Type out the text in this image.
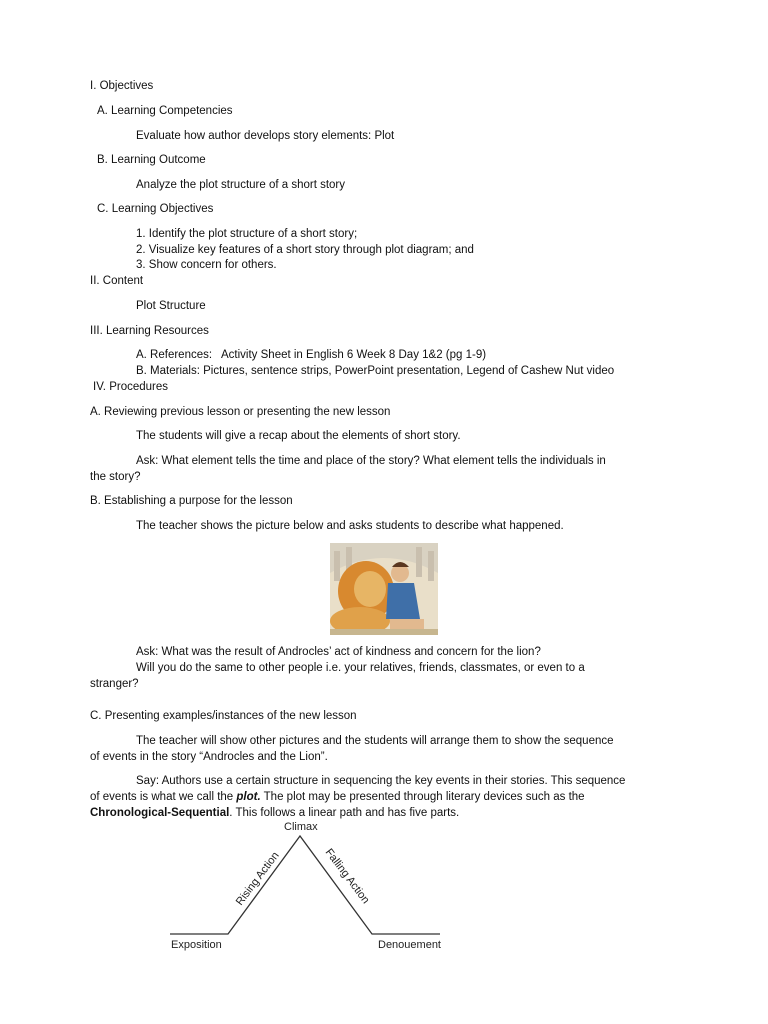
I. Objectives
A. Learning Competencies
Evaluate how author develops story elements: Plot
B. Learning Outcome
Analyze the plot structure of a short story
C. Learning Objectives
1. Identify the plot structure of a short story;
2. Visualize key features of a short story through plot diagram; and
3. Show concern for others.
II. Content
Plot Structure
III. Learning Resources
A. References:   Activity Sheet in English 6 Week 8 Day 1&2 (pg 1-9)
B. Materials: Pictures, sentence strips, PowerPoint presentation, Legend of Cashew Nut video
IV. Procedures
A. Reviewing previous lesson or presenting the new lesson
The students will give a recap about the elements of short story.
Ask: What element tells the time and place of the story? What element tells the individuals in
the story?
B. Establishing a purpose for the lesson
The teacher shows the picture below and asks students to describe what happened.
Ask: What was the result of Androcles’ act of kindness and concern for the lion?
Will you do the same to other people i.e. your relatives, friends, classmates, or even to a
stranger?
C. Presenting examples/instances of the new lesson
The teacher will show other pictures and the students will arrange them to show the sequence
of events in the story “Androcles and the Lion”.
Say: Authors use a certain structure in sequencing the key events in their stories. This sequence
of events is what we call the plot. The plot may be presented through literary devices such as the
Chronological-Sequential. This follows a linear path and has five parts.
Climax
Rising Action	Falling Action
Exposition	Denouement
